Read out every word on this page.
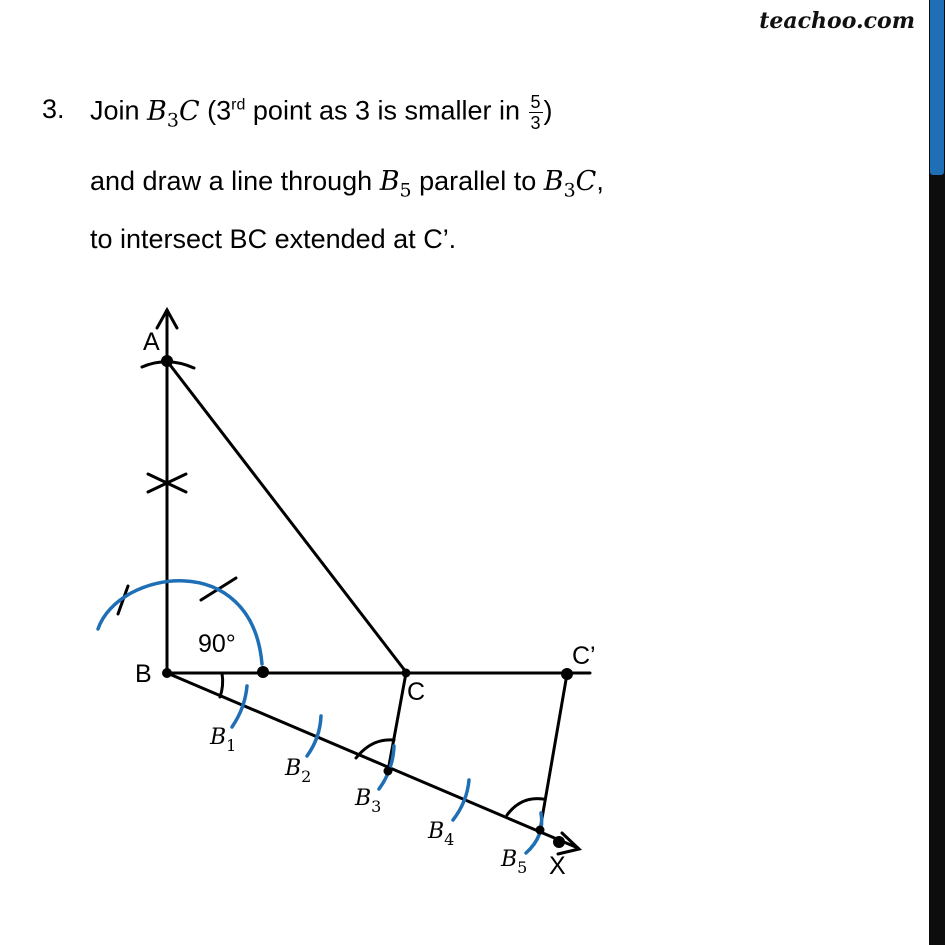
teachoo.com
3. Join $B_3C$ (3rd point as 3 is smaller in $\frac{5}{3}$ )
and draw a line through $B_5$ parallel to $B_3C$,
to intersect BC extended at C’.
A
B
C
C’
X
90°
B1
B2
B3
B4
B5
